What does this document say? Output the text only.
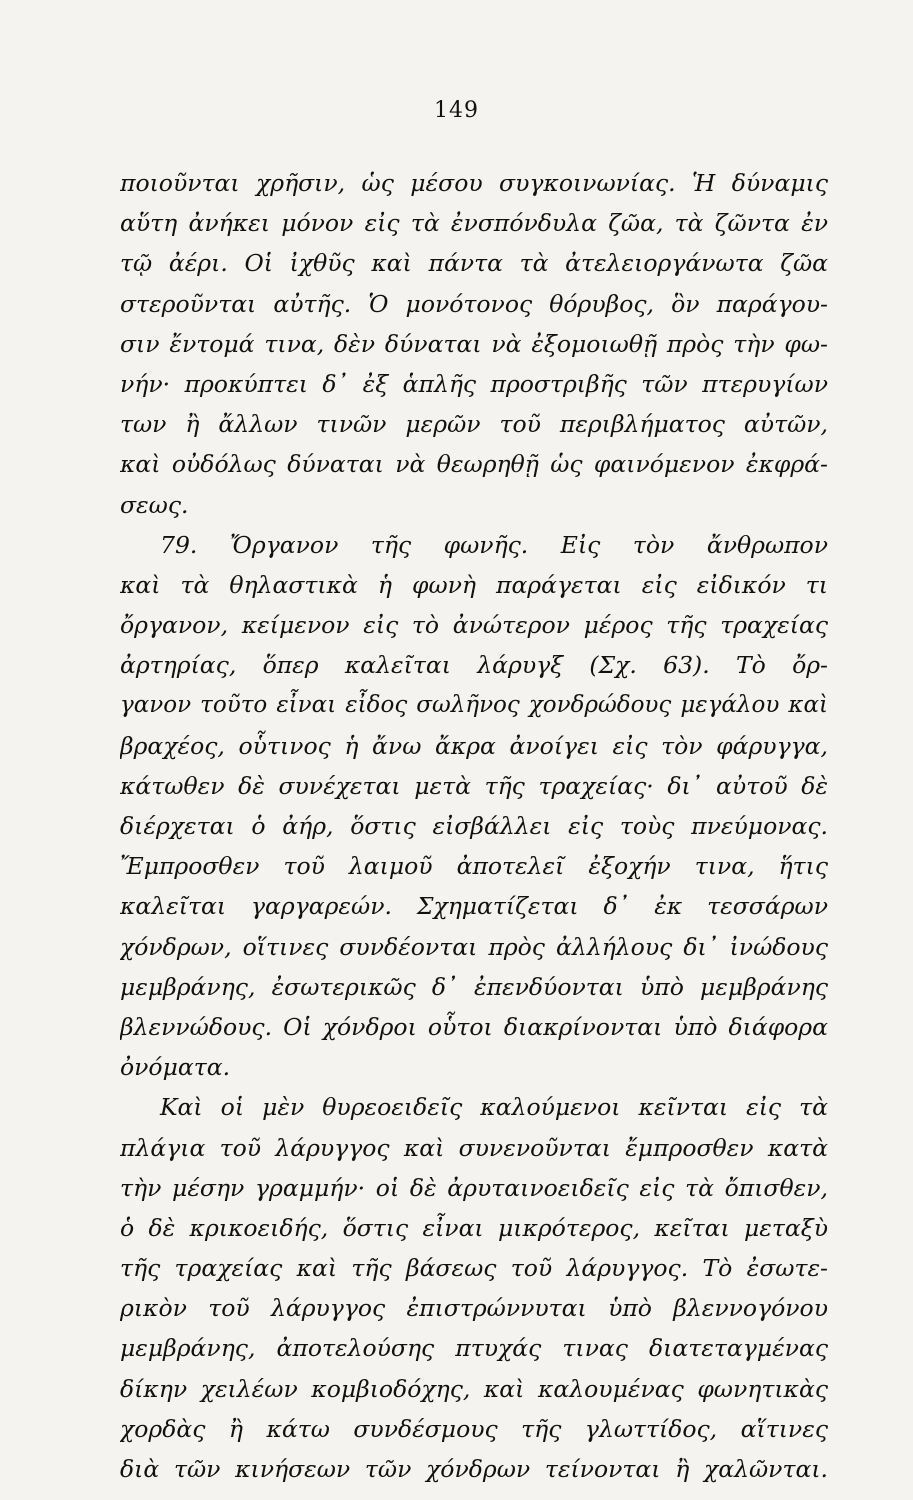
149
ποιοῦνται χρῆσιν, ὡς μέσου συγκοινωνίας. Ἡ δύναμις
αὕτη ἀνήκει μόνον εἰς τὰ ἐνσπόνδυλα ζῶα, τὰ ζῶντα ἐν
τῷ ἀέρι. Οἱ ἰχθῦς καὶ πάντα τὰ ἀτελειοργάνωτα ζῶα
στεροῦνται αὐτῆς. Ὁ μονότονος θόρυβος, ὃν παράγου-
σιν ἔντομά τινα, δὲν δύναται νὰ ἐξομοιωθῇ πρὸς τὴν φω-
νήν· προκύπτει δ᾽ ἐξ ἁπλῆς προστριβῆς τῶν πτερυγίων
των ἢ ἄλλων τινῶν μερῶν τοῦ περιβλήματος αὐτῶν,
καὶ οὐδόλως δύναται νὰ θεωρηθῇ ὡς φαινόμενον ἐκφρά-
σεως.
79. Ὄργανον τῆς φωνῆς. Εἰς τὸν ἄνθρωπον
καὶ τὰ θηλαστικὰ ἡ φωνὴ παράγεται εἰς εἰδικόν τι
ὄργανον, κείμενον εἰς τὸ ἀνώτερον μέρος τῆς τραχείας
ἀρτηρίας, ὅπερ καλεῖται λάρυγξ (Σχ. 63). Τὸ ὄρ-
γανον τοῦτο εἶναι εἶδος σωλῆνος χονδρώδους μεγάλου καὶ
βραχέος, οὗτινος ἡ ἄνω ἄκρα ἀνοίγει εἰς τὸν φάρυγγα,
κάτωθεν δὲ συνέχεται μετὰ τῆς τραχείας· δι᾽ αὐτοῦ δὲ
διέρχεται ὁ ἀήρ, ὅστις εἰσβάλλει εἰς τοὺς πνεύμονας.
Ἔμπροσθεν τοῦ λαιμοῦ ἀποτελεῖ ἐξοχήν τινα, ἥτις
καλεῖται γαργαρεών. Σχηματίζεται δ᾽ ἐκ τεσσάρων
χόνδρων, οἵτινες συνδέονται πρὸς ἀλλήλους δι᾽ ἰνώδους
μεμβράνης, ἐσωτερικῶς δ᾽ ἐπενδύονται ὑπὸ μεμβράνης
βλεννώδους. Οἱ χόνδροι οὗτοι διακρίνονται ὑπὸ διάφορα
ὀνόματα.
Καὶ οἱ μὲν θυρεοειδεῖς καλούμενοι κεῖνται εἰς τὰ
πλάγια τοῦ λάρυγγος καὶ συνενοῦνται ἔμπροσθεν κατὰ
τὴν μέσην γραμμήν· οἱ δὲ ἀρυταινοειδεῖς εἰς τὰ ὄπισθεν,
ὁ δὲ κρικοειδής, ὅστις εἶναι μικρότερος, κεῖται μεταξὺ
τῆς τραχείας καὶ τῆς βάσεως τοῦ λάρυγγος. Τὸ ἐσωτε-
ρικὸν τοῦ λάρυγγος ἐπιστρώννυται ὑπὸ βλεννογόνου
μεμβράνης, ἀποτελούσης πτυχάς τινας διατεταγμένας
δίκην χειλέων κομβιοδόχης, καὶ καλουμένας φωνητικὰς
χορδὰς ἢ κάτω συνδέσμους τῆς γλωττίδος, αἵτινες
διὰ τῶν κινήσεων τῶν χόνδρων τείνονται ἢ χαλῶνται.
